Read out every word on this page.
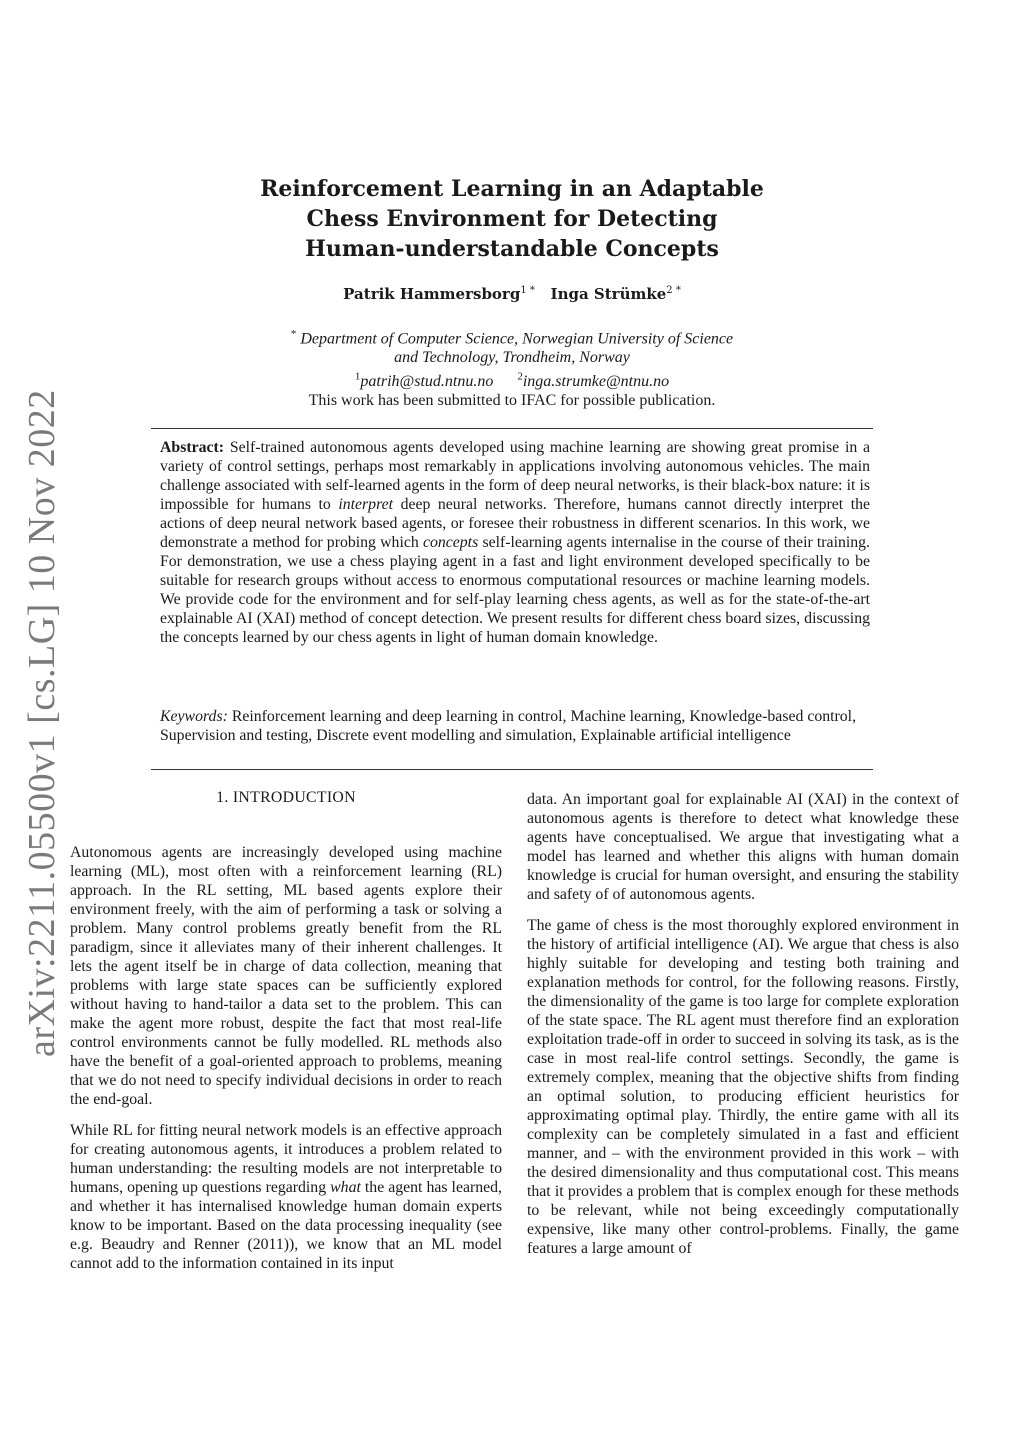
arXiv:2211.05500v1 [cs.LG] 10 Nov 2022
Reinforcement Learning in an Adaptable
Chess Environment for Detecting
Human-understandable Concepts
Patrik Hammersborg$^{1 *}$ Inga Strümke$^{2 *}$
* Department of Computer Science, Norwegian University of Science
and Technology, Trondheim, Norway
$^1$patrih@stud.ntnu.no $^2$inga.strumke@ntnu.no
This work has been submitted to IFAC for possible publication.
Abstract: Self-trained autonomous agents developed using machine learning are showing great promise in a variety of control settings, perhaps most remarkably in applications involving autonomous vehicles. The main challenge associated with self-learned agents in the form of deep neural networks, is their black-box nature: it is impossible for humans to interpret deep neural networks. Therefore, humans cannot directly interpret the actions of deep neural network based agents, or foresee their robustness in different scenarios. In this work, we demonstrate a method for probing which concepts self-learning agents internalise in the course of their training. For demonstration, we use a chess playing agent in a fast and light environment developed specifically to be suitable for research groups without access to enormous computational resources or machine learning models. We provide code for the environment and for self-play learning chess agents, as well as for the state-of-the-art explainable AI (XAI) method of concept detection. We present results for different chess board sizes, discussing the concepts learned by our chess agents in light of human domain knowledge.
Keywords: Reinforcement learning and deep learning in control, Machine learning, Knowledge-based control, Supervision and testing, Discrete event modelling and simulation, Explainable artificial intelligence
1. INTRODUCTION

Autonomous agents are increasingly developed using machine learning (ML), most often with a reinforcement learning (RL) approach. In the RL setting, ML based agents explore their environment freely, with the aim of performing a task or solving a problem. Many control problems greatly benefit from the RL paradigm, since it alleviates many of their inherent challenges. It lets the agent itself be in charge of data collection, meaning that problems with large state spaces can be sufficiently explored without having to hand-tailor a data set to the problem. This can make the agent more robust, despite the fact that most real-life control environments cannot be fully modelled. RL methods also have the benefit of a goal-oriented approach to problems, meaning that we do not need to specify individual decisions in order to reach the end-goal.

While RL for fitting neural network models is an effective approach for creating autonomous agents, it introduces a problem related to human understanding: the resulting models are not interpretable to humans, opening up questions regarding what the agent has learned, and whether it has internalised knowledge human domain experts know to be important. Based on the data processing inequality (see e.g. Beaudry and Renner (2011)), we know that an ML model cannot add to the information contained in its input

data. An important goal for explainable AI (XAI) in the context of autonomous agents is therefore to detect what knowledge these agents have conceptualised. We argue that investigating what a model has learned and whether this aligns with human domain knowledge is crucial for human oversight, and ensuring the stability and safety of of autonomous agents.

The game of chess is the most thoroughly explored environment in the history of artificial intelligence (AI). We argue that chess is also highly suitable for developing and testing both training and explanation methods for control, for the following reasons. Firstly, the dimensionality of the game is too large for complete exploration of the state space. The RL agent must therefore find an exploration exploitation trade-off in order to succeed in solving its task, as is the case in most real-life control settings. Secondly, the game is extremely complex, meaning that the objective shifts from finding an optimal solution, to producing efficient heuristics for approximating optimal play. Thirdly, the entire game with all its complexity can be completely simulated in a fast and efficient manner, and – with the environment provided in this work – with the desired dimensionality and thus computational cost. This means that it provides a problem that is complex enough for these methods to be relevant, while not being exceedingly computationally expensive, like many other control-problems. Finally, the game features a large amount of
